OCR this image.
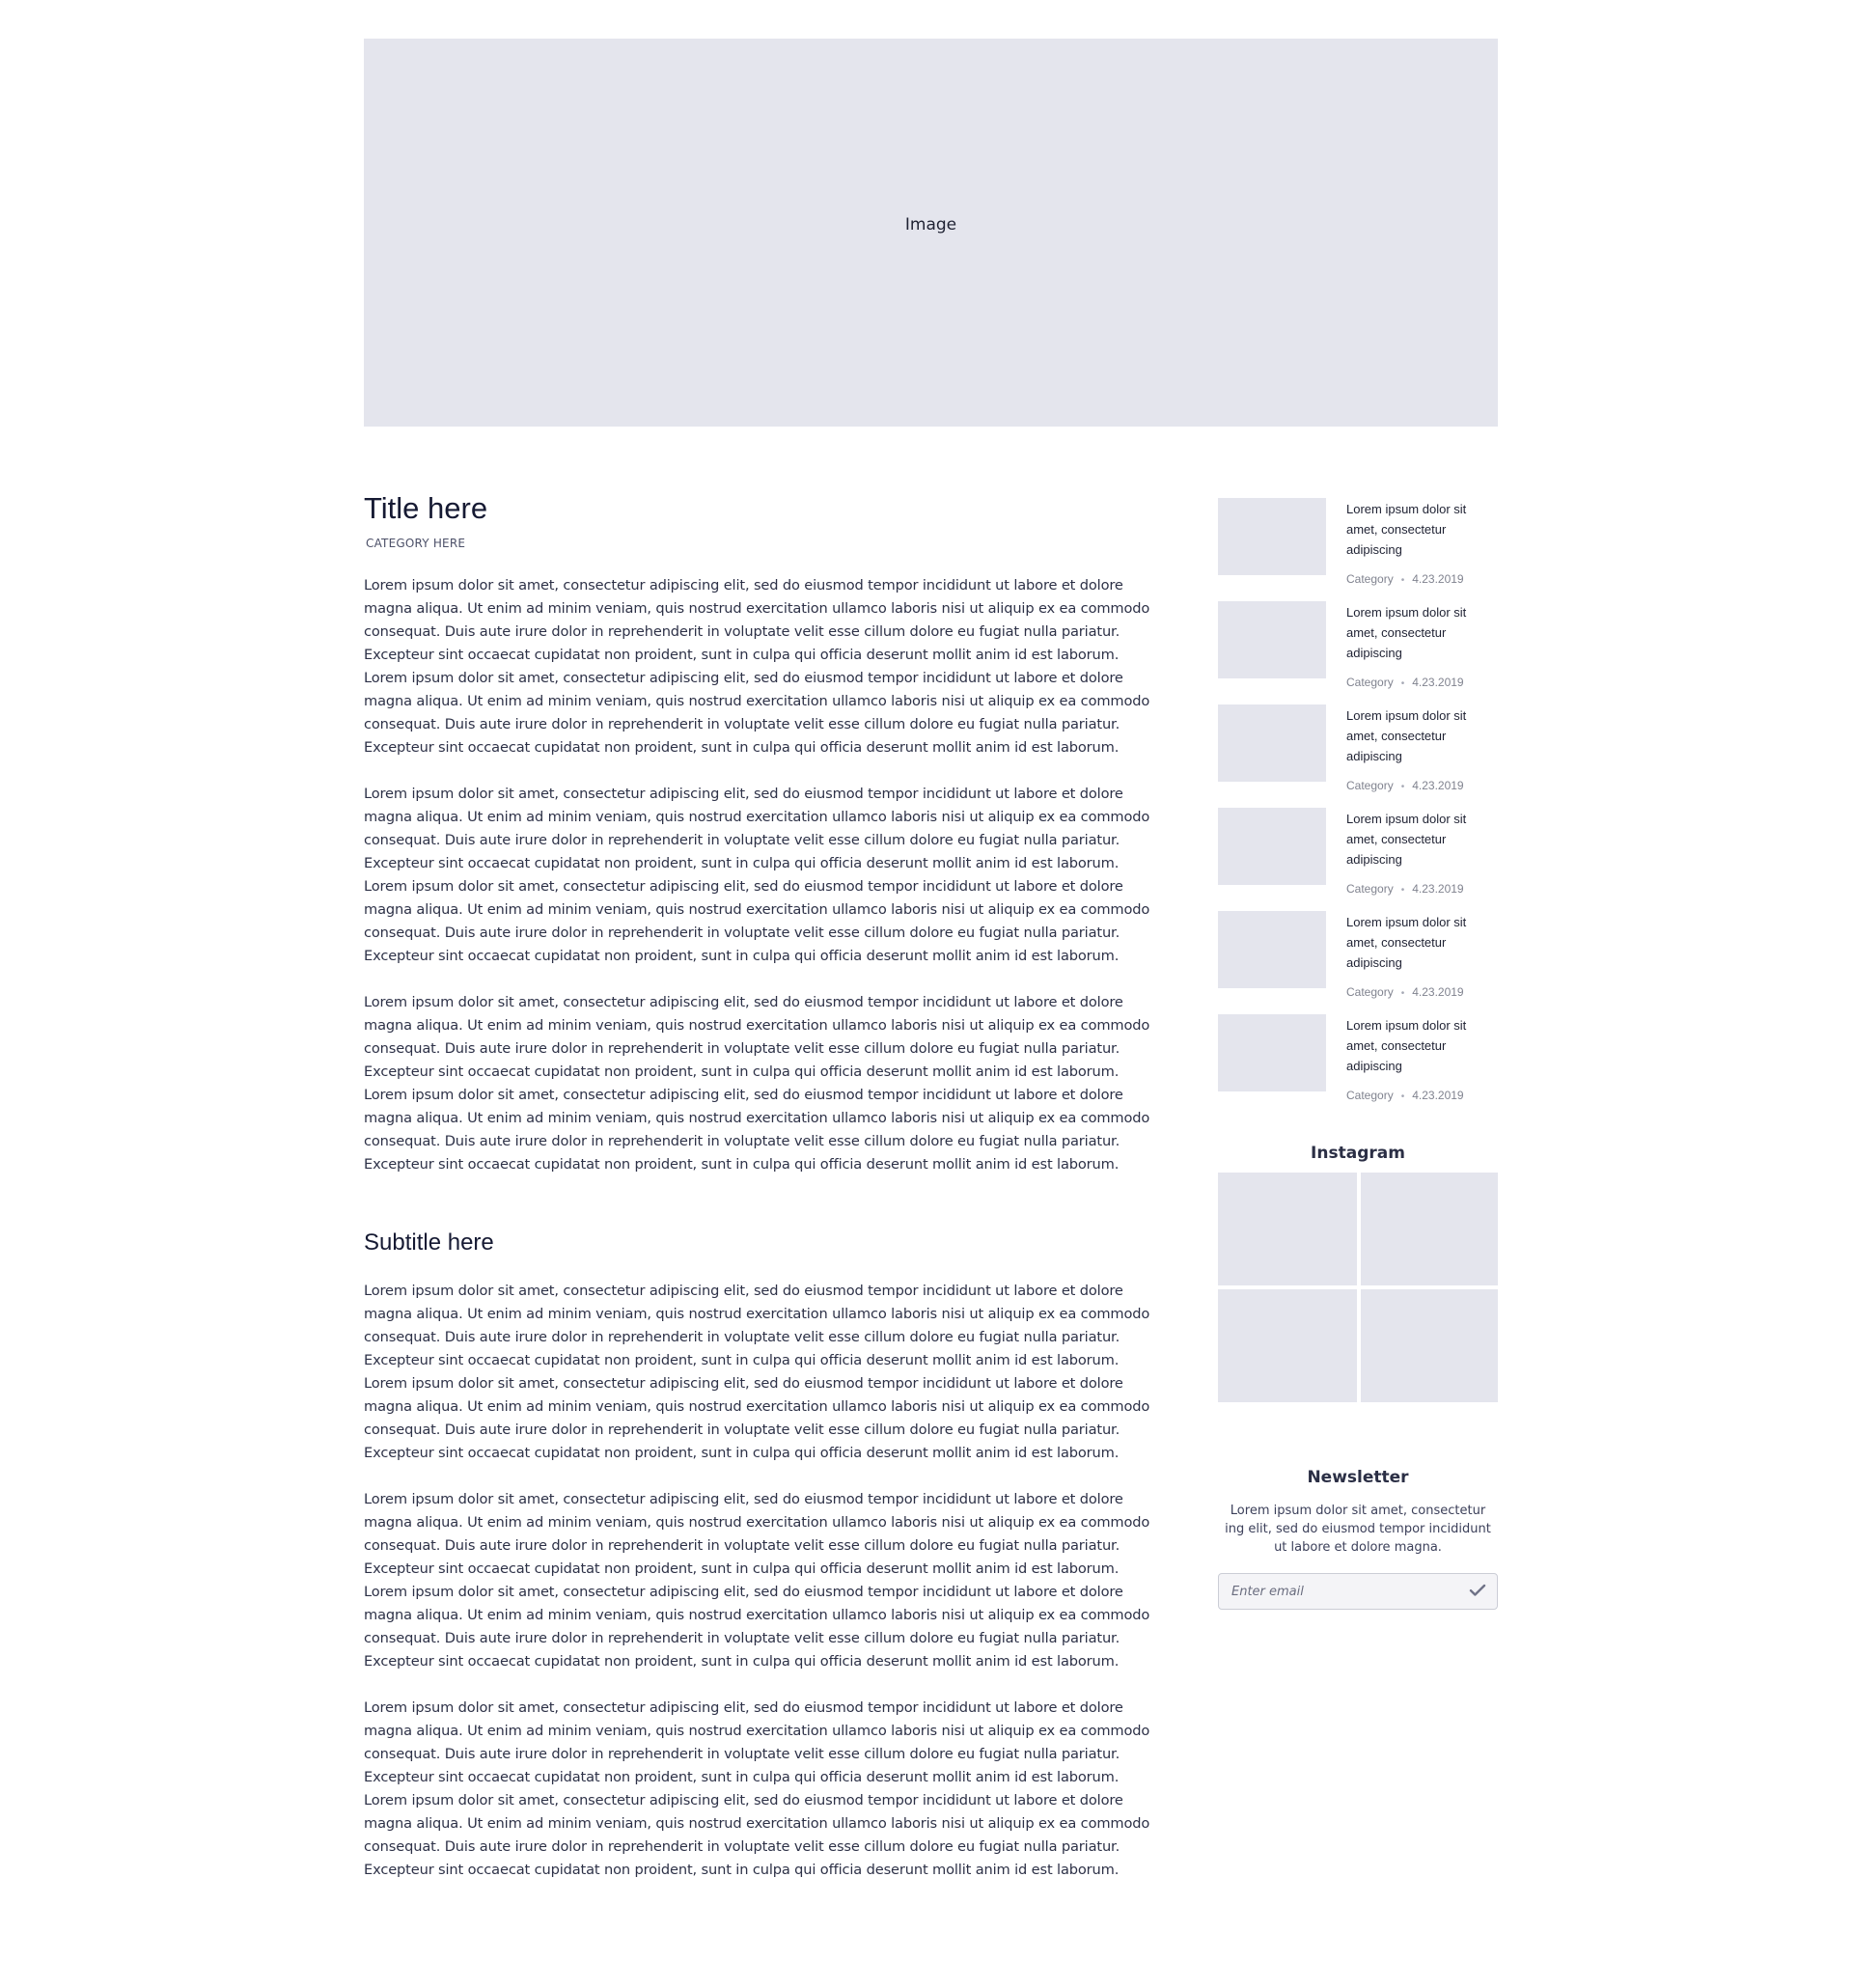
Image
Title here
CATEGORY HERE

Lorem ipsum dolor sit amet, consectetur adipiscing elit, sed do eiusmod tempor incididunt ut labore et dolore magna aliqua. Ut enim ad minim veniam, quis nostrud exercitation ullamco laboris nisi ut aliquip ex ea commodo consequat. Duis aute irure dolor in reprehenderit in voluptate velit esse cillum dolore eu fugiat nulla pariatur. Excepteur sint occaecat cupidatat non proident, sunt in culpa qui officia deserunt mollit anim id est laborum. Lorem ipsum dolor sit amet, consectetur adipiscing elit, sed do eiusmod tempor incididunt ut labore et dolore magna aliqua. Ut enim ad minim veniam, quis nostrud exercitation ullamco laboris nisi ut aliquip ex ea commodo consequat. Duis aute irure dolor in reprehenderit in voluptate velit esse cillum dolore eu fugiat nulla pariatur. Excepteur sint occaecat cupidatat non proident, sunt in culpa qui officia deserunt mollit anim id est laborum.

Lorem ipsum dolor sit amet, consectetur adipiscing elit, sed do eiusmod tempor incididunt ut labore et dolore magna aliqua. Ut enim ad minim veniam, quis nostrud exercitation ullamco laboris nisi ut aliquip ex ea commodo consequat. Duis aute irure dolor in reprehenderit in voluptate velit esse cillum dolore eu fugiat nulla pariatur. Excepteur sint occaecat cupidatat non proident, sunt in culpa qui officia deserunt mollit anim id est laborum. Lorem ipsum dolor sit amet, consectetur adipiscing elit, sed do eiusmod tempor incididunt ut labore et dolore magna aliqua. Ut enim ad minim veniam, quis nostrud exercitation ullamco laboris nisi ut aliquip ex ea commodo consequat. Duis aute irure dolor in reprehenderit in voluptate velit esse cillum dolore eu fugiat nulla pariatur. Excepteur sint occaecat cupidatat non proident, sunt in culpa qui officia deserunt mollit anim id est laborum.

Lorem ipsum dolor sit amet, consectetur adipiscing elit, sed do eiusmod tempor incididunt ut labore et dolore magna aliqua. Ut enim ad minim veniam, quis nostrud exercitation ullamco laboris nisi ut aliquip ex ea commodo consequat. Duis aute irure dolor in reprehenderit in voluptate velit esse cillum dolore eu fugiat nulla pariatur. Excepteur sint occaecat cupidatat non proident, sunt in culpa qui officia deserunt mollit anim id est laborum. Lorem ipsum dolor sit amet, consectetur adipiscing elit, sed do eiusmod tempor incididunt ut labore et dolore magna aliqua. Ut enim ad minim veniam, quis nostrud exercitation ullamco laboris nisi ut aliquip ex ea commodo consequat. Duis aute irure dolor in reprehenderit in voluptate velit esse cillum dolore eu fugiat nulla pariatur. Excepteur sint occaecat cupidatat non proident, sunt in culpa qui officia deserunt mollit anim id est laborum.

Subtitle here

Lorem ipsum dolor sit amet, consectetur adipiscing elit, sed do eiusmod tempor incididunt ut labore et dolore magna aliqua. Ut enim ad minim veniam, quis nostrud exercitation ullamco laboris nisi ut aliquip ex ea commodo consequat. Duis aute irure dolor in reprehenderit in voluptate velit esse cillum dolore eu fugiat nulla pariatur. Excepteur sint occaecat cupidatat non proident, sunt in culpa qui officia deserunt mollit anim id est laborum. Lorem ipsum dolor sit amet, consectetur adipiscing elit, sed do eiusmod tempor incididunt ut labore et dolore magna aliqua. Ut enim ad minim veniam, quis nostrud exercitation ullamco laboris nisi ut aliquip ex ea commodo consequat. Duis aute irure dolor in reprehenderit in voluptate velit esse cillum dolore eu fugiat nulla pariatur. Excepteur sint occaecat cupidatat non proident, sunt in culpa qui officia deserunt mollit anim id est laborum.

Lorem ipsum dolor sit amet, consectetur adipiscing elit, sed do eiusmod tempor incididunt ut labore et dolore magna aliqua. Ut enim ad minim veniam, quis nostrud exercitation ullamco laboris nisi ut aliquip ex ea commodo consequat. Duis aute irure dolor in reprehenderit in voluptate velit esse cillum dolore eu fugiat nulla pariatur. Excepteur sint occaecat cupidatat non proident, sunt in culpa qui officia deserunt mollit anim id est laborum. Lorem ipsum dolor sit amet, consectetur adipiscing elit, sed do eiusmod tempor incididunt ut labore et dolore magna aliqua. Ut enim ad minim veniam, quis nostrud exercitation ullamco laboris nisi ut aliquip ex ea commodo consequat. Duis aute irure dolor in reprehenderit in voluptate velit esse cillum dolore eu fugiat nulla pariatur. Excepteur sint occaecat cupidatat non proident, sunt in culpa qui officia deserunt mollit anim id est laborum.

Lorem ipsum dolor sit amet, consectetur adipiscing elit, sed do eiusmod tempor incididunt ut labore et dolore magna aliqua. Ut enim ad minim veniam, quis nostrud exercitation ullamco laboris nisi ut aliquip ex ea commodo consequat. Duis aute irure dolor in reprehenderit in voluptate velit esse cillum dolore eu fugiat nulla pariatur. Excepteur sint occaecat cupidatat non proident, sunt in culpa qui officia deserunt mollit anim id est laborum. Lorem ipsum dolor sit amet, consectetur adipiscing elit, sed do eiusmod tempor incididunt ut labore et dolore magna aliqua. Ut enim ad minim veniam, quis nostrud exercitation ullamco laboris nisi ut aliquip ex ea commodo consequat. Duis aute irure dolor in reprehenderit in voluptate velit esse cillum dolore eu fugiat nulla pariatur. Excepteur sint occaecat cupidatat non proident, sunt in culpa qui officia deserunt mollit anim id est laborum.

Lorem ipsum dolor sit amet, consectetur adipiscing
Category • 4.23.2019
Lorem ipsum dolor sit amet, consectetur adipiscing
Category • 4.23.2019
Lorem ipsum dolor sit amet, consectetur adipiscing
Category • 4.23.2019
Lorem ipsum dolor sit amet, consectetur adipiscing
Category • 4.23.2019
Lorem ipsum dolor sit amet, consectetur adipiscing
Category • 4.23.2019
Lorem ipsum dolor sit amet, consectetur adipiscing
Category • 4.23.2019
Instagram
Newsletter

Lorem ipsum dolor sit amet, consectetur ing elit, sed do eiusmod tempor incididunt ut labore et dolore magna.

Enter email
